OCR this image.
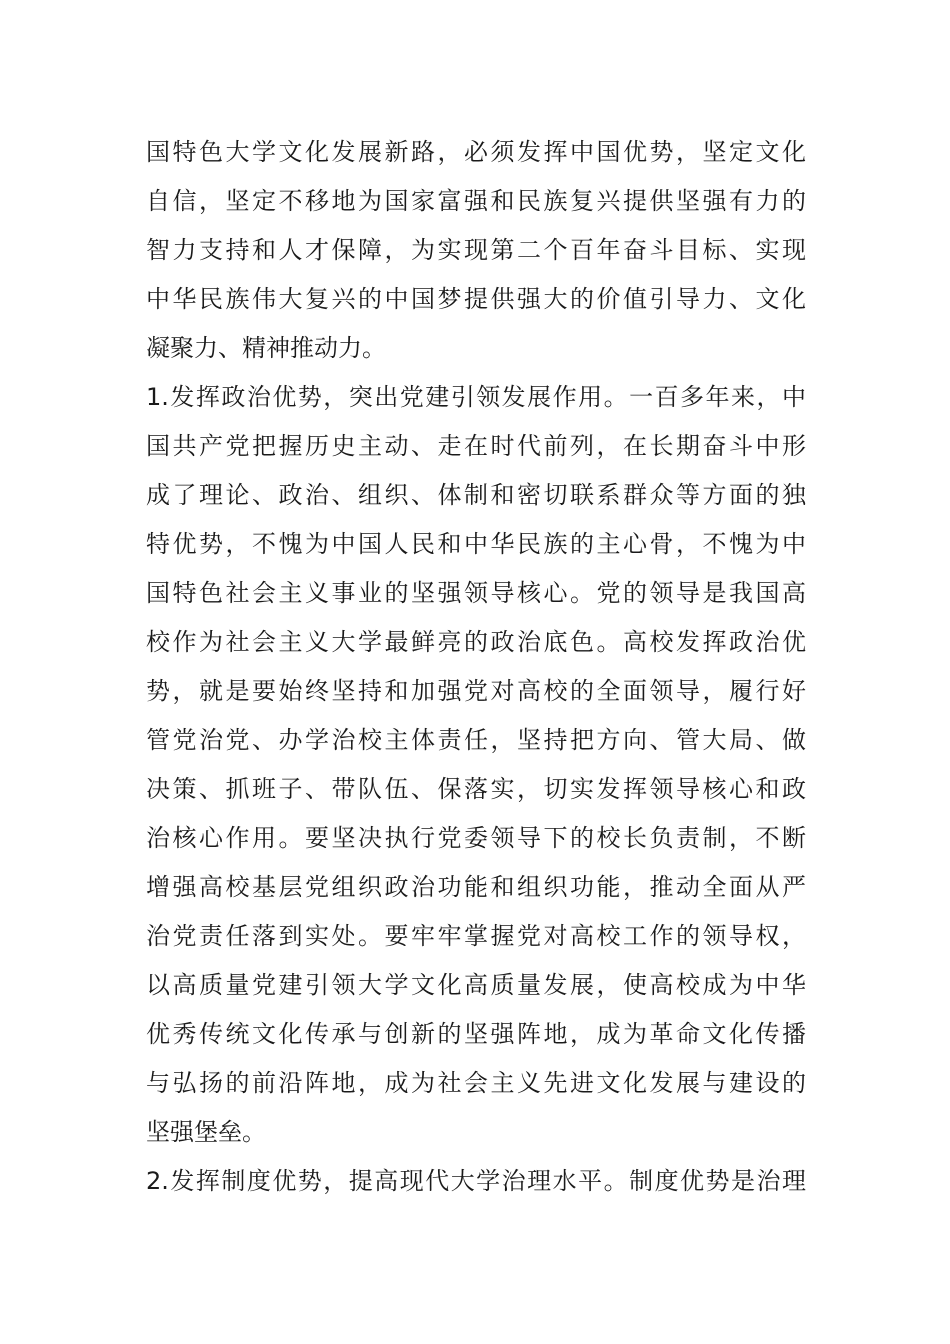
国特色大学文化发展新路，必须发挥中国优势，坚定文化
自信，坚定不移地为国家富强和民族复兴提供坚强有力的
智力支持和人才保障，为实现第二个百年奋斗目标、实现
中华民族伟大复兴的中国梦提供强大的价值引导力、文化
凝聚力、精神推动力。
1.发挥政治优势，突出党建引领发展作用。一百多年来，中
国共产党把握历史主动、走在时代前列，在长期奋斗中形
成了理论、政治、组织、体制和密切联系群众等方面的独
特优势，不愧为中国人民和中华民族的主心骨，不愧为中
国特色社会主义事业的坚强领导核心。党的领导是我国高
校作为社会主义大学最鲜亮的政治底色。高校发挥政治优
势，就是要始终坚持和加强党对高校的全面领导，履行好
管党治党、办学治校主体责任，坚持把方向、管大局、做
决策、抓班子、带队伍、保落实，切实发挥领导核心和政
治核心作用。要坚决执行党委领导下的校长负责制，不断
增强高校基层党组织政治功能和组织功能，推动全面从严
治党责任落到实处。要牢牢掌握党对高校工作的领导权，
以高质量党建引领大学文化高质量发展，使高校成为中华
优秀传统文化传承与创新的坚强阵地，成为革命文化传播
与弘扬的前沿阵地，成为社会主义先进文化发展与建设的
坚强堡垒。
2.发挥制度优势，提高现代大学治理水平。制度优势是治理
